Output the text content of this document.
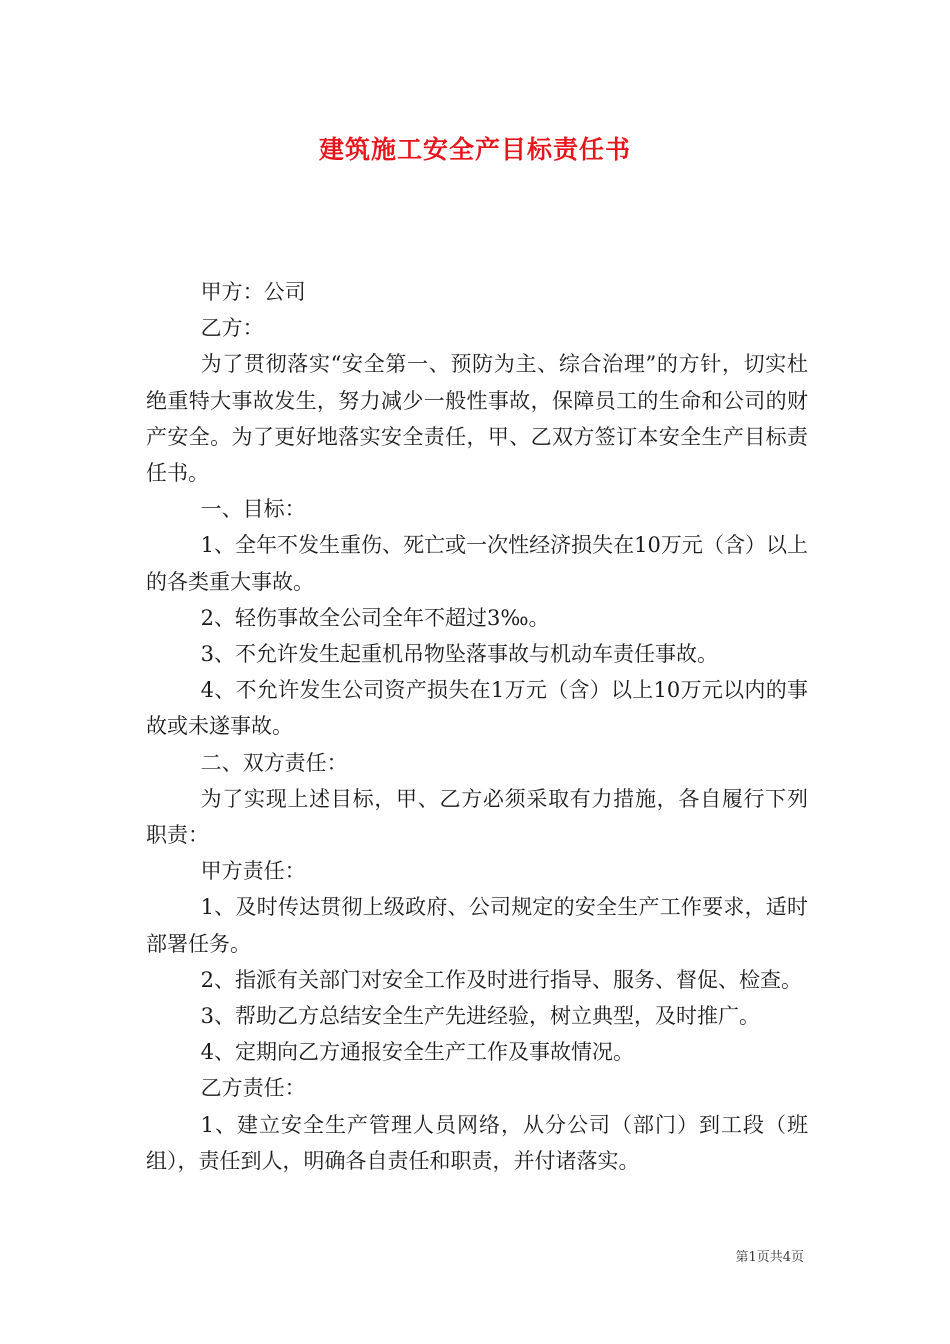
建筑施工安全产目标责任书

甲方：公司

乙方：

为了贯彻落实“安全第一、预防为主、综合治理”的方针，切实杜绝重特大事故发生，努力减少一般性事故，保障员工的生命和公司的财产安全。为了更好地落实安全责任，甲、乙双方签订本安全生产目标责任书。

一、目标：

1、全年不发生重伤、死亡或一次性经济损失在10万元（含）以上的各类重大事故。

2、轻伤事故全公司全年不超过3‰。

3、不允许发生起重机吊物坠落事故与机动车责任事故。

4、不允许发生公司资产损失在1万元（含）以上10万元以内的事故或未遂事故。

二、双方责任：

为了实现上述目标，甲、乙方必须采取有力措施，各自履行下列职责：

甲方责任：

1、及时传达贯彻上级政府、公司规定的安全生产工作要求，适时部署任务。

2、指派有关部门对安全工作及时进行指导、服务、督促、检查。

3、帮助乙方总结安全生产先进经验，树立典型，及时推广。

4、定期向乙方通报安全生产工作及事故情况。

乙方责任：

1、建立安全生产管理人员网络，从分公司（部门）到工段（班组），责任到人，明确各自责任和职责，并付诸落实。

第1页共4页
